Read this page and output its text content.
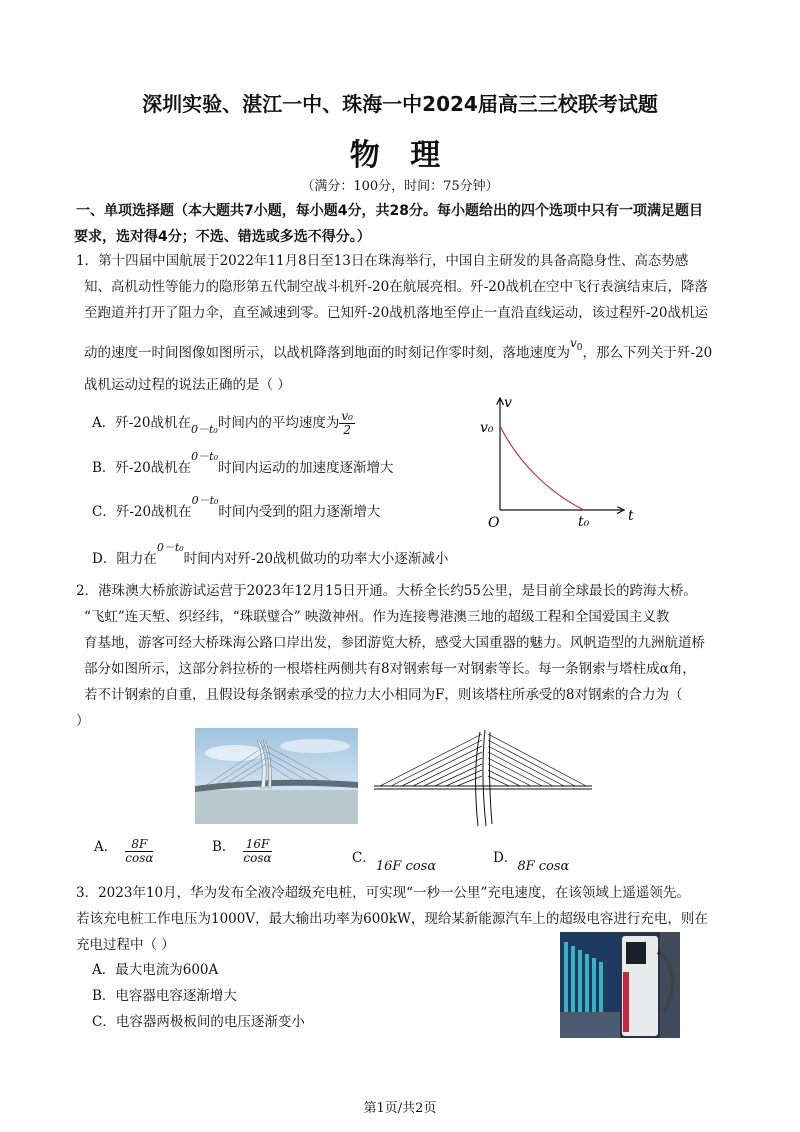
深圳实验、湛江一中、珠海一中2024届高三三校联考试题
物 理
（满分：100分，时间：75分钟）
一、单项选择题（本大题共7小题，每小题4分，共28分。每小题给出的四个选项中只有一项满足题目
要求，选对得4分；不选、错选或多选不得分。）
1．第十四届中国航展于2022年11月8日至13日在珠海举行，中国自主研发的具备高隐身性、高态势感
知、高机动性等能力的隐形第五代制空战斗机歼-20在航展亮相。歼-20战机在空中飞行表演结束后，降落
至跑道并打开了阻力伞，直至减速到零。已知歼-20战机落地至停止一直沿直线运动，该过程歼-20战机运
动的速度一时间图像如图所示，以战机降落到地面的时刻记作零时刻，落地速度为$v^0$，那么下列关于歼-20
战机运动过程的说法正确的是（ ）
A．歼-20战机在$_{0-t_0}$时间内的平均速度为 $\frac{\text{v₀}}{2}$
B．歼-20战机在0－t₀时间内运动的加速度逐渐增大
C．歼-20战机在0－t₀时间内受到的阻力逐渐增大
D．阻力在0－t₀时间内对歼-20战机做功的功率大小逐渐减小
v
t
O
v₀
t₀
2．港珠澳大桥旅游试运营于2023年12月15日开通。大桥全长约55公里，是目前全球最长的跨海大桥。
“飞虹”连天堑、织经纬，“珠联璧合” 映潋神州。作为连接粤港澳三地的超级工程和全国爱国主义教
育基地，游客可经大桥珠海公路口岸出发，参团游览大桥，感受大国重器的魅力。风帆造型的九洲航道桥
部分如图所示，这部分斜拉桥的一根塔柱两侧共有8对钢索每一对钢索等长。每一条钢索与塔柱成α角，
若不计钢索的自重，且假设每条钢索承受的拉力大小相同为F，则该塔柱所承受的8对钢索的合力为（
）
A． $\frac{8F}{\cos\alpha}$	B． $\frac{16F}{\cos\alpha}$	C．16F cosα
D．8F cosα
3．2023年10月，华为发布全液冷超级充电桩，可实现“一秒一公里”充电速度，在该领域上遥遥领先。
若该充电桩工作电压为1000V，最大输出功率为600kW，现给某新能源汽车上的超级电容进行充电，则在
充电过程中（ ）
A．最大电流为600A
B．电容器电容逐渐增大
C．电容器两极板间的电压逐渐变小
第1页/共2页
